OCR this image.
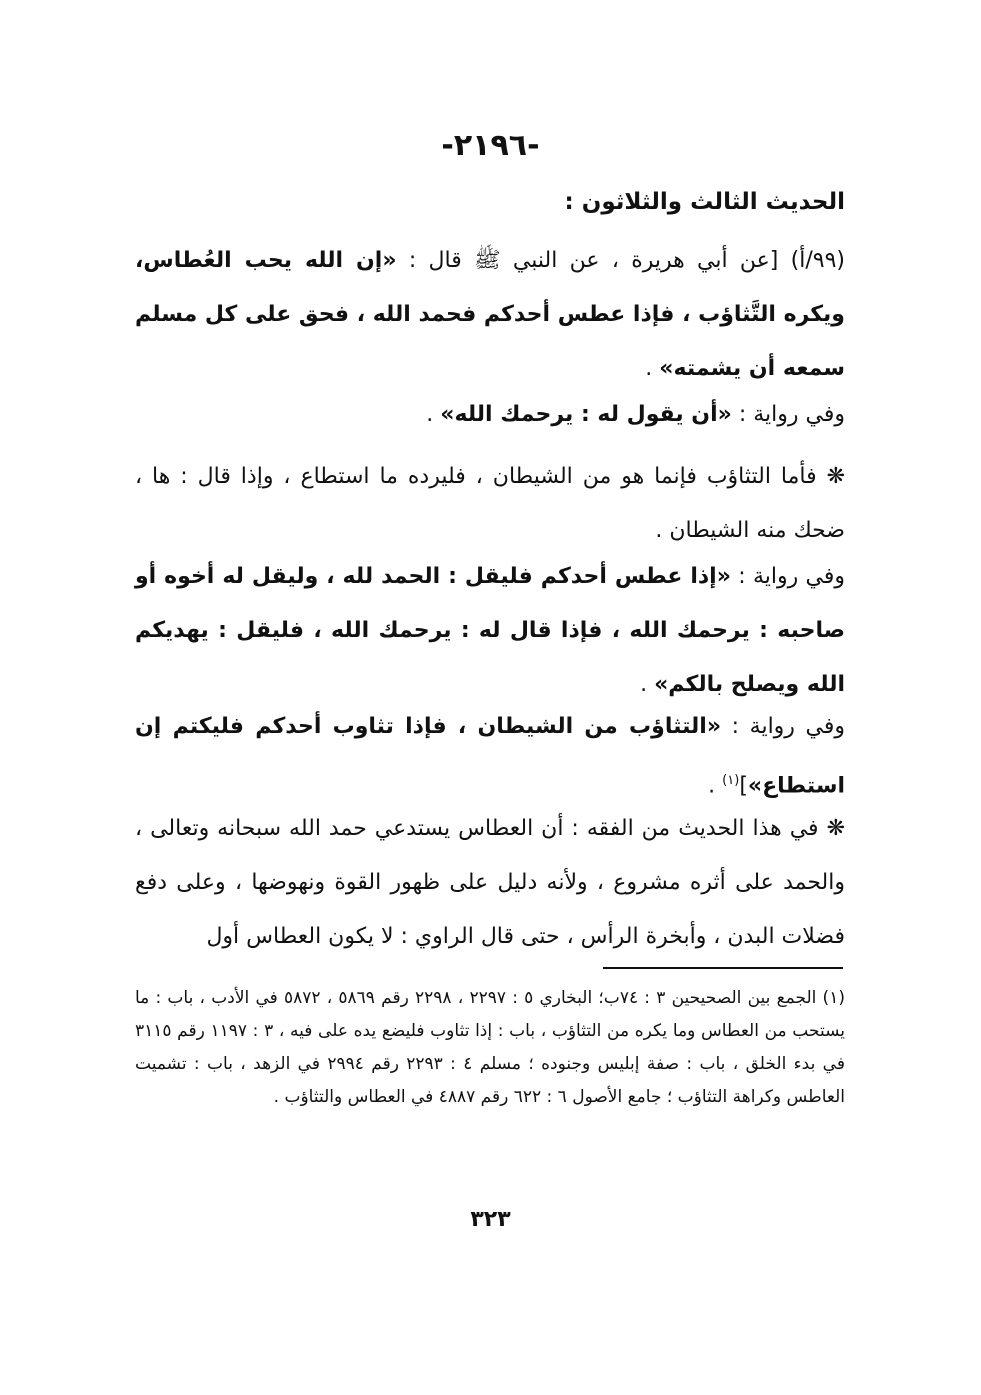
-٢١٩٦-
الحديث الثالث والثلاثون :

(٩٩/أ) [عن أبي هريرة ، عن النبي ﷺ قال : «إن الله يحب العُطاس، ويكره التَّثاؤب ، فإذا عطس أحدكم فحمد الله ، فحق على كل مسلم سمعه أن يشمته» .

وفي رواية : «أن يقول له : يرحمك الله» .

❋ فأما التثاؤب فإنما هو من الشيطان ، فليرده ما استطاع ، وإذا قال : ها ، ضحك منه الشيطان .

وفي رواية : «إذا عطس أحدكم فليقل : الحمد لله ، وليقل له أخوه أو صاحبه : يرحمك الله ، فإذا قال له : يرحمك الله ، فليقل : يهديكم الله ويصلح بالكم» .

وفي رواية : «التثاؤب من الشيطان ، فإذا تثاوب أحدكم فليكتم إن استطاع»]$^{(١)}$ .

❋ في هذا الحديث من الفقه : أن العطاس يستدعي حمد الله سبحانه وتعالى ، والحمد على أثره مشروع ، ولأنه دليل على ظهور القوة ونهوضها ، وعلى دفع فضلات البدن ، وأبخرة الرأس ، حتى قال الراوي : لا يكون العطاس أول

(١) الجمع بين الصحيحين ٣ : ٧٤ب؛ البخاري ٥ : ٢٢٩٧ ، ٢٢٩٨ رقم ٥٨٦٩ ، ٥٨٧٢ في الأدب ، باب : ما يستحب من العطاس وما يكره من التثاؤب ، باب : إذا تثاوب فليضع يده على فيه ، ٣ : ١١٩٧ رقم ٣١١٥ في بدء الخلق ، باب : صفة إبليس وجنوده ؛ مسلم ٤ : ٢٢٩٣ رقم ٢٩٩٤ في الزهد ، باب : تشميت العاطس وكراهة التثاؤب ؛ جامع الأصول ٦ : ٦٢٢ رقم ٤٨٨٧ في العطاس والتثاؤب .
٣٢٣
